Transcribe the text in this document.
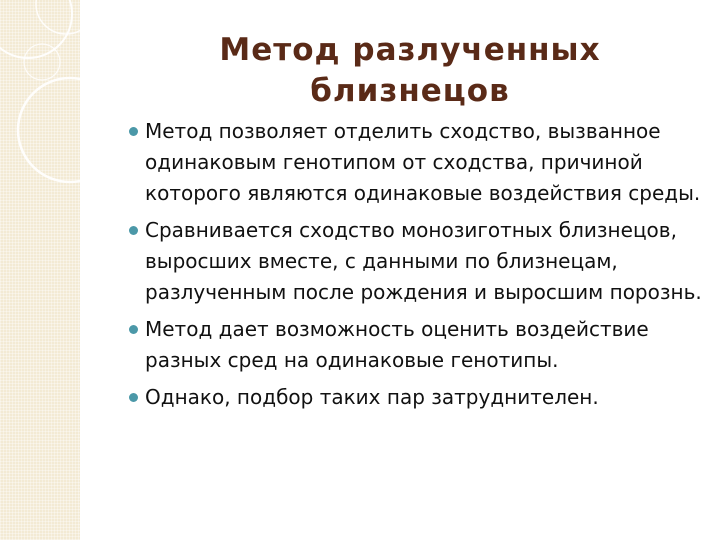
Метод разлученных близнецов
Метод позволяет отделить сходство, вызванное одинаковым генотипом от сходства, причиной которого являются одинаковые воздействия среды.
Сравнивается сходство монозиготных близнецов, выросших вместе, с данными по близнецам, разлученным после рождения и выросшим порознь.
Метод дает возможность оценить воздействие разных сред на одинаковые генотипы.
Однако, подбор таких пар затруднителен.
